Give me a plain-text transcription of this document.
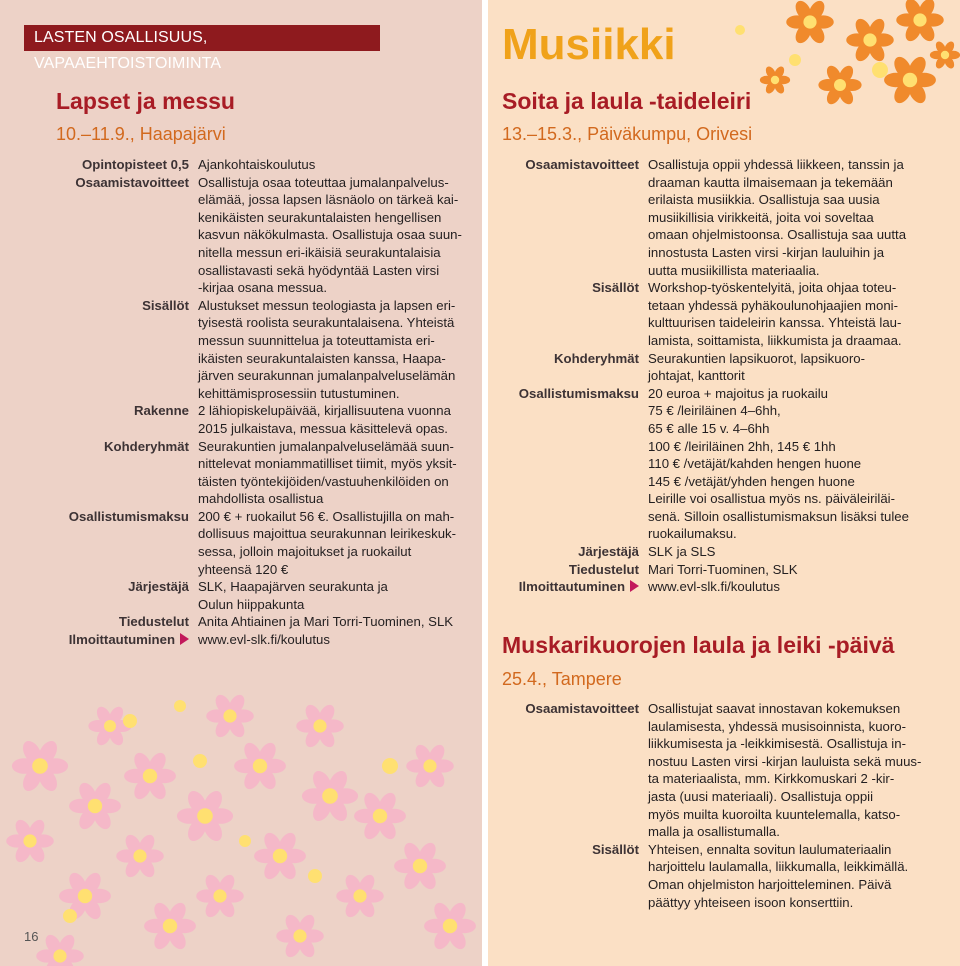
LASTEN OSALLISUUS, VAPAAEHTOISTOIMINTA
Lapset ja messu
10.–11.9., Haapajärvi
Opintopisteet 0,5 Ajankohtaiskoulutus
Osaamistavoitteet Osallistuja osaa toteuttaa jumalanpalvelus-
elämää, jossa lapsen läsnäolo on tärkeä kai-
kenikäisten seurakuntalaisten hengellisen
kasvun näkökulmasta. Osallistuja osaa suun-
nitella messun eri-ikäisiä seurakuntalaisia
osallistavasti sekä hyödyntää Lasten virsi
-kirjaa osana messua.
Sisällöt Alustukset messun teologiasta ja lapsen eri-
tyisestä roolista seurakuntalaisena. Yhteistä
messun suunnittelua ja toteuttamista eri-
ikäisten seurakuntalaisten kanssa, Haapa-
järven seurakunnan jumalanpalveluselämän
kehittämisprosessiin tutustuminen.
Rakenne 2 lähiopiskelupäivää, kirjallisuutena vuonna
2015 julkaistava, messua käsittelevä opas.
Kohderyhmät Seurakuntien jumalanpalveluselämää suun-
nittelevat moniammatilliset tiimit, myös yksit-
täisten työntekijöiden/vastuuhenkilöiden on
mahdollista osallistua
Osallistumismaksu 200 € + ruokailut 56 €. Osallistujilla on mah-
dollisuus majoittua seurakunnan leirikeskuk-
sessa, jolloin majoitukset ja ruokailut
yhteensä 120 €
Järjestäjä SLK, Haapajärven seurakunta ja
Oulun hiippakunta
Tiedustelut Anita Ahtiainen ja Mari Torri-Tuominen, SLK
Ilmoittautuminen	www.evl-slk.fi/koulutus
16
Musiikki
Soita ja laula -taideleiri
13.–15.3., Päiväkumpu, Orivesi
Osaamistavoitteet Osallistuja oppii yhdessä liikkeen, tanssin ja
draaman kautta ilmaisemaan ja tekemään
erilaista musiikkia. Osallistuja saa uusia
musiikillisia virikkeitä, joita voi soveltaa
omaan ohjelmistoonsa. Osallistuja saa uutta
innostusta Lasten virsi -kirjan lauluihin ja
uutta musiikillista materiaalia.
Sisällöt Workshop-työskentelyitä, joita ohjaa toteu-
tetaan yhdessä pyhäkoulunohjaajien moni-
kulttuurisen taideleirin kanssa. Yhteistä lau-
lamista, soittamista, liikkumista ja draamaa.
Kohderyhmät Seurakuntien lapsikuorot, lapsikuoro-
johtajat, kanttorit
Osallistumismaksu 20 euroa + majoitus ja ruokailu
75 € /leiriläinen 4–6hh,
65 € alle 15 v. 4–6hh
100 € /leiriläinen 2hh, 145 € 1hh
110 € /vetäjät/kahden hengen huone
145 € /vetäjät/yhden hengen huone
Leirille voi osallistua myös ns. päiväleiriläi-
senä. Silloin osallistumismaksun lisäksi tulee
ruokailumaksu.
Järjestäjä SLK ja SLS
Tiedustelut Mari Torri-Tuominen, SLK
Ilmoittautuminen	www.evl-slk.fi/koulutus
Muskarikuorojen laula ja leiki -päivä
25.4., Tampere
Osaamistavoitteet Osallistujat saavat innostavan kokemuksen
laulamisesta, yhdessä musisoinnista, kuoro-
liikkumisesta ja -leikkimisestä. Osallistuja in-
nostuu Lasten virsi -kirjan lauluista sekä muus-
ta materiaalista, mm. Kirkkomuskari 2 -kir-
jasta (uusi materiaali). Osallistuja oppii
myös muilta kuoroilta kuuntelemalla, katso-
malla ja osallistumalla.
Sisällöt Yhteisen, ennalta sovitun laulumateriaalin
harjoittelu laulamalla, liikkumalla, leikkimällä.
Oman ohjelmiston harjoitteleminen. Päivä
päättyy yhteiseen isoon konserttiin.
